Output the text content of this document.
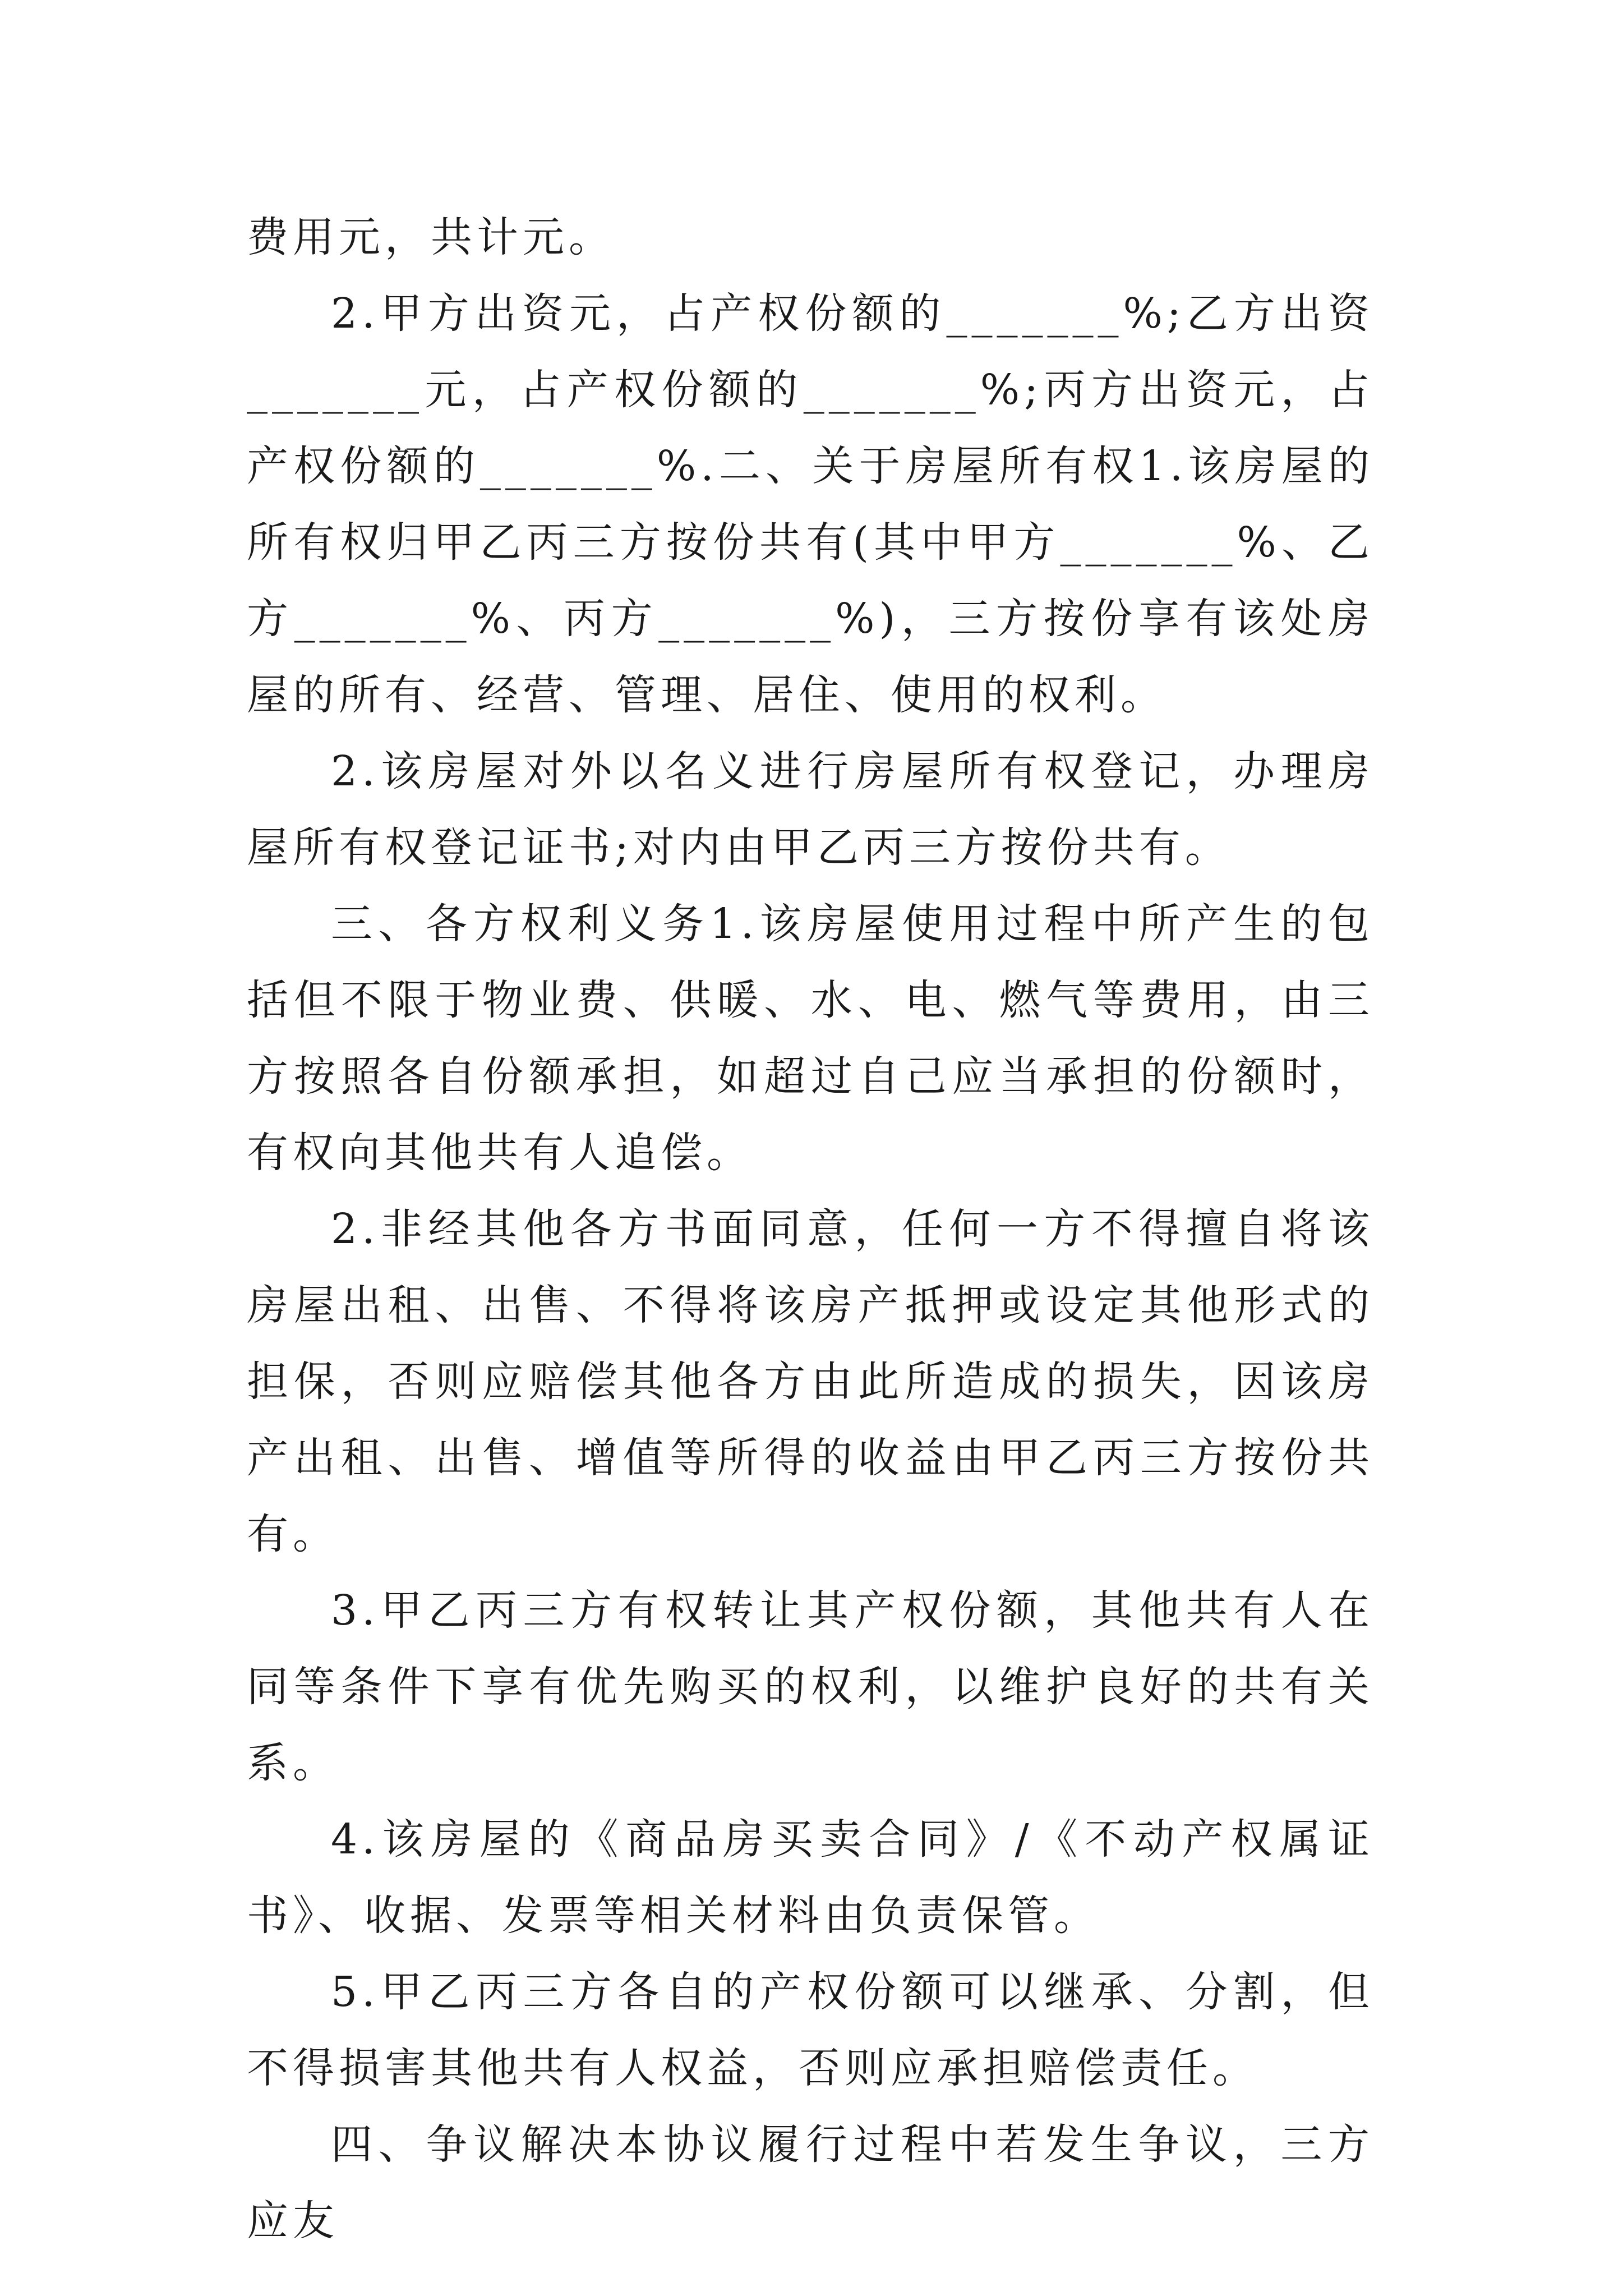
费用元，共计元。

2.甲方出资元，占产权份额的_______%;乙方出资_______元，占产权份额的_______%;丙方出资元，占产权份额的_______%.二、关于房屋所有权1.该房屋的所有权归甲乙丙三方按份共有(其中甲方_______%、乙方_______%、丙方_______%)，三方按份享有该处房屋的所有、经营、管理、居住、使用的权利。

2.该房屋对外以名义进行房屋所有权登记，办理房屋所有权登记证书;对内由甲乙丙三方按份共有。

三、各方权利义务1.该房屋使用过程中所产生的包括但不限于物业费、供暖、水、电、燃气等费用，由三方按照各自份额承担，如超过自己应当承担的份额时，有权向其他共有人追偿。

2.非经其他各方书面同意，任何一方不得擅自将该房屋出租、出售、不得将该房产抵押或设定其他形式的担保，否则应赔偿其他各方由此所造成的损失，因该房产出租、出售、增值等所得的收益由甲乙丙三方按份共有。

3.甲乙丙三方有权转让其产权份额，其他共有人在同等条件下享有优先购买的权利，以维护良好的共有关系。

4.该房屋的《商品房买卖合同》/《不动产权属证书》、收据、发票等相关材料由负责保管。

5.甲乙丙三方各自的产权份额可以继承、分割，但不得损害其他共有人权益，否则应承担赔偿责任。

四、争议解决本协议履行过程中若发生争议，三方应友
